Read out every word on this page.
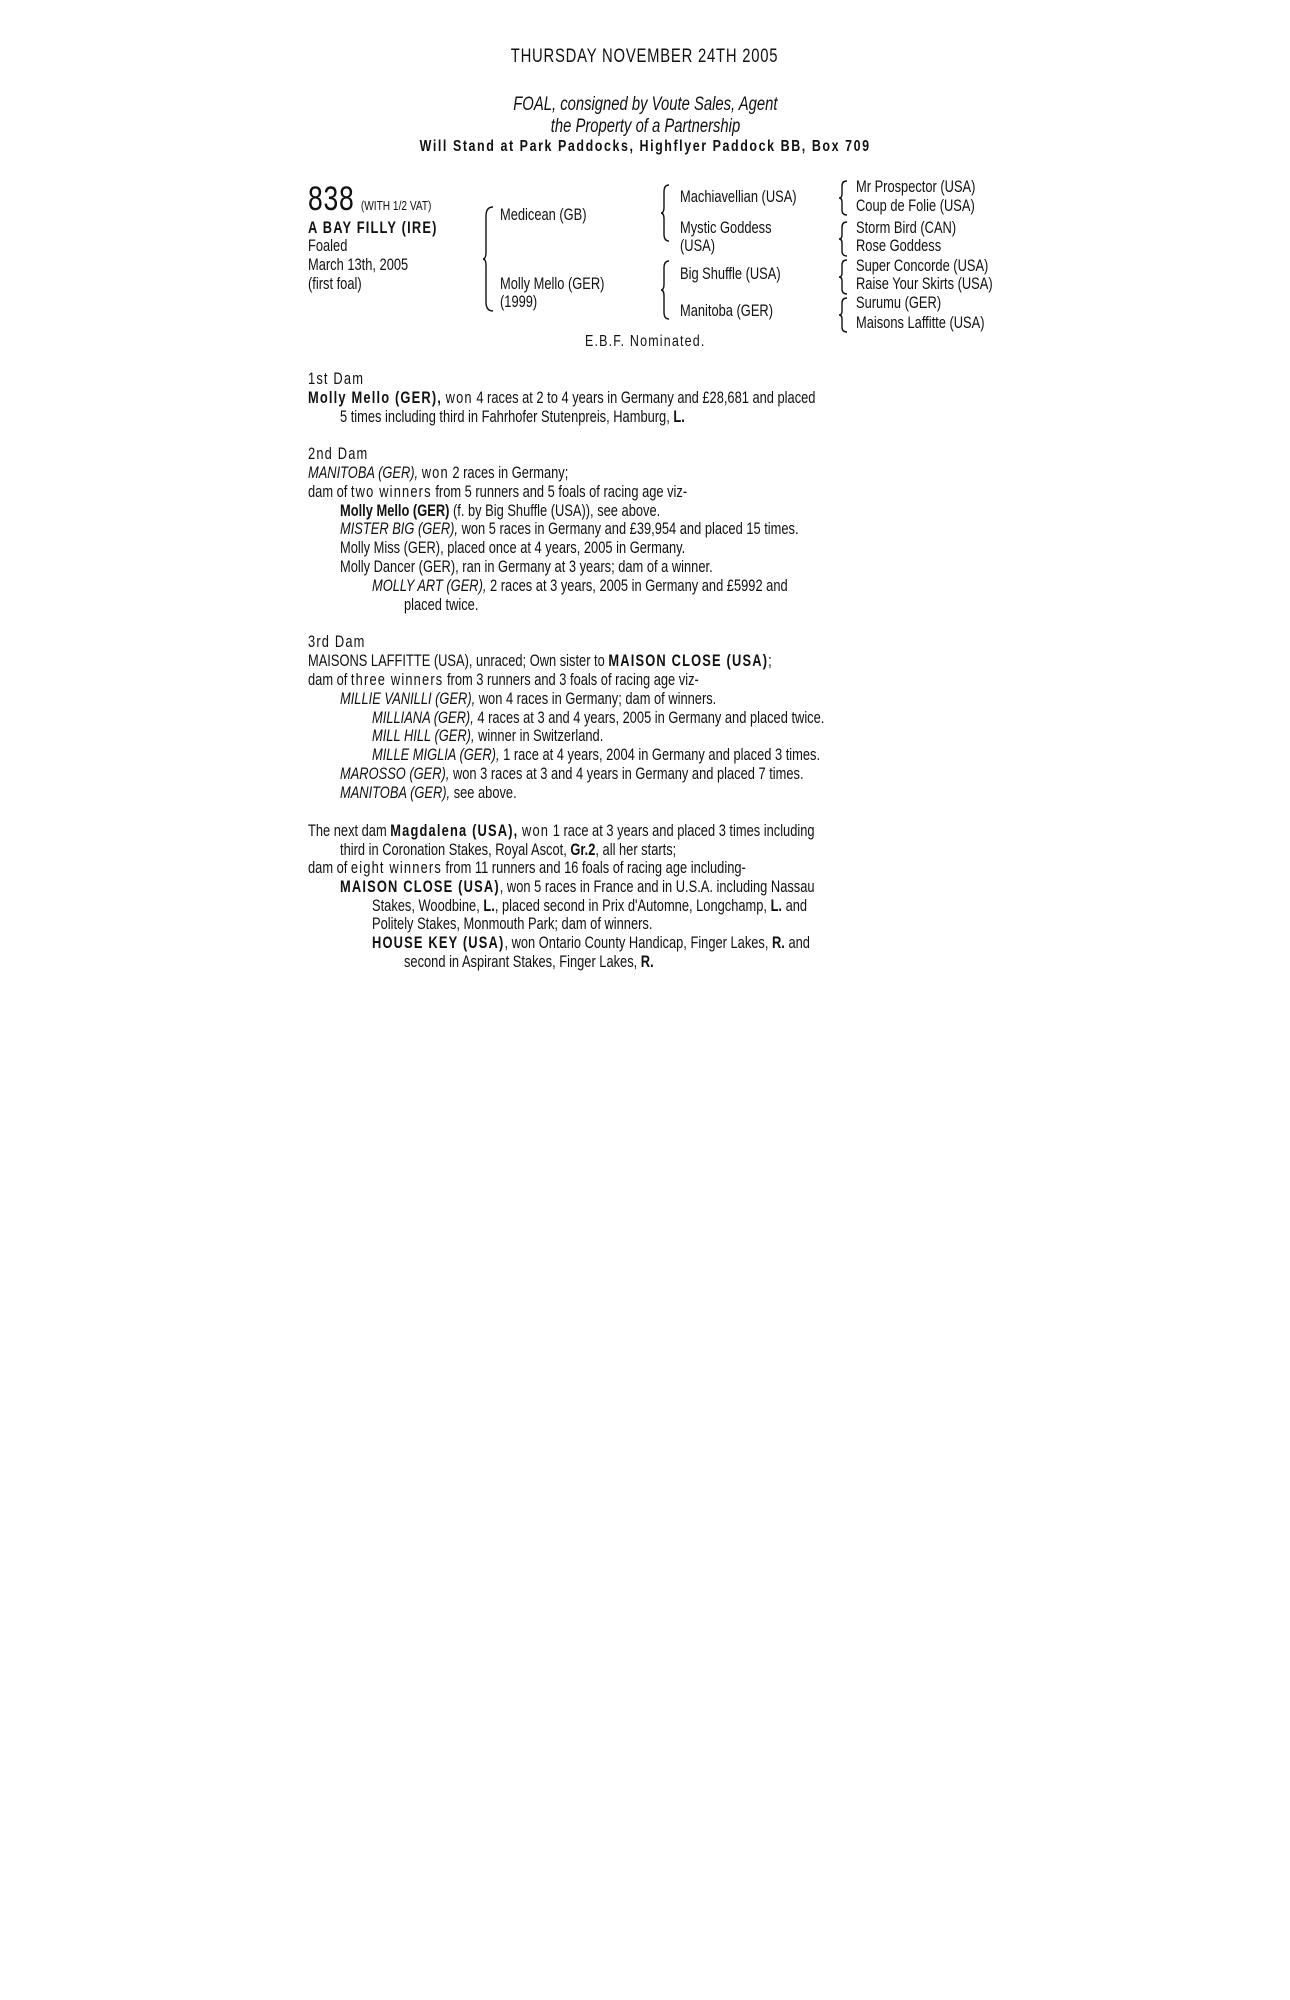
THURSDAY NOVEMBER 24TH 2005
FOAL, consigned by Voute Sales, Agent
the Property of a Partnership
Will Stand at Park Paddocks, Highflyer Paddock BB, Box 709
838 (WITH 1/2 VAT)
A BAY FILLY (IRE)
Foaled
March 13th, 2005
(first foal)
Medicean (GB)
Molly Mello (GER)
(1999)
Machiavellian (USA)
Mystic Goddess
(USA)
Big Shuffle (USA)
Manitoba (GER)
Mr Prospector (USA)
Coup de Folie (USA)
Storm Bird (CAN)
Rose Goddess
Super Concorde (USA)
Raise Your Skirts (USA)
Surumu (GER)
Maisons Laffitte (USA)
E.B.F. Nominated.
1st Dam
Molly Mello (GER), won 4 races at 2 to 4 years in Germany and £28,681 and placed
5 times including third in Fahrhofer Stutenpreis, Hamburg, L.
2nd Dam
MANITOBA (GER), won 2 races in Germany;
dam of two winners from 5 runners and 5 foals of racing age viz-
Molly Mello (GER) (f. by Big Shuffle (USA)), see above.
MISTER BIG (GER), won 5 races in Germany and £39,954 and placed 15 times.
Molly Miss (GER), placed once at 4 years, 2005 in Germany.
Molly Dancer (GER), ran in Germany at 3 years; dam of a winner.
MOLLY ART (GER), 2 races at 3 years, 2005 in Germany and £5992 and
placed twice.
3rd Dam
MAISONS LAFFITTE (USA), unraced; Own sister to MAISON CLOSE (USA);
dam of three winners from 3 runners and 3 foals of racing age viz-
MILLIE VANILLI (GER), won 4 races in Germany; dam of winners.
MILLIANA (GER), 4 races at 3 and 4 years, 2005 in Germany and placed twice.
MILL HILL (GER), winner in Switzerland.
MILLE MIGLIA (GER), 1 race at 4 years, 2004 in Germany and placed 3 times.
MAROSSO (GER), won 3 races at 3 and 4 years in Germany and placed 7 times.
MANITOBA (GER), see above.
The next dam Magdalena (USA), won 1 race at 3 years and placed 3 times including
third in Coronation Stakes, Royal Ascot, Gr.2, all her starts;
dam of eight winners from 11 runners and 16 foals of racing age including-
MAISON CLOSE (USA), won 5 races in France and in U.S.A. including Nassau
Stakes, Woodbine, L., placed second in Prix d'Automne, Longchamp, L. and
Politely Stakes, Monmouth Park; dam of winners.
HOUSE KEY (USA), won Ontario County Handicap, Finger Lakes, R. and
second in Aspirant Stakes, Finger Lakes, R.
